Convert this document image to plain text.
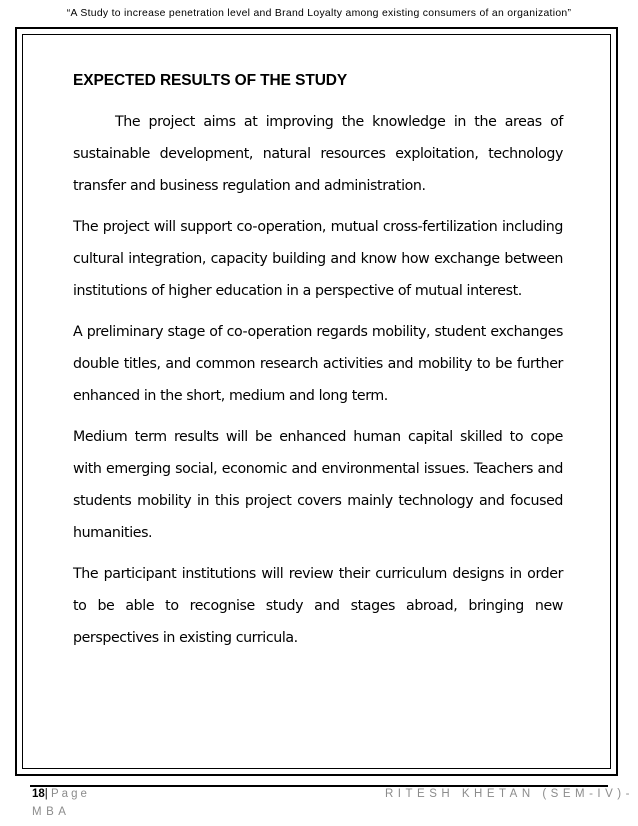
“A Study to increase penetration level and Brand Loyalty among existing consumers of an organization”
EXPECTED RESULTS OF THE STUDY

The project aims at improving the knowledge in the areas of sustainable development, natural resources exploitation, technology transfer and business regulation and administration.

The project will support co-operation, mutual cross-fertilization including cultural integration, capacity building and know how exchange between institutions of higher education in a perspective of mutual interest.

A preliminary stage of co-operation regards mobility, student exchanges double titles, and common research activities and mobility to be further enhanced in the short, medium and long term.

Medium term results will be enhanced human capital skilled to cope with emerging social, economic and environmental issues. Teachers and students mobility in this project covers mainly technology and focused humanities.

The participant institutions will review their curriculum designs in order to be able to recognise study and stages abroad, bringing new perspectives in existing curricula.

18| Page	RITESH KHETAN (SEM-IV)-
MBA
